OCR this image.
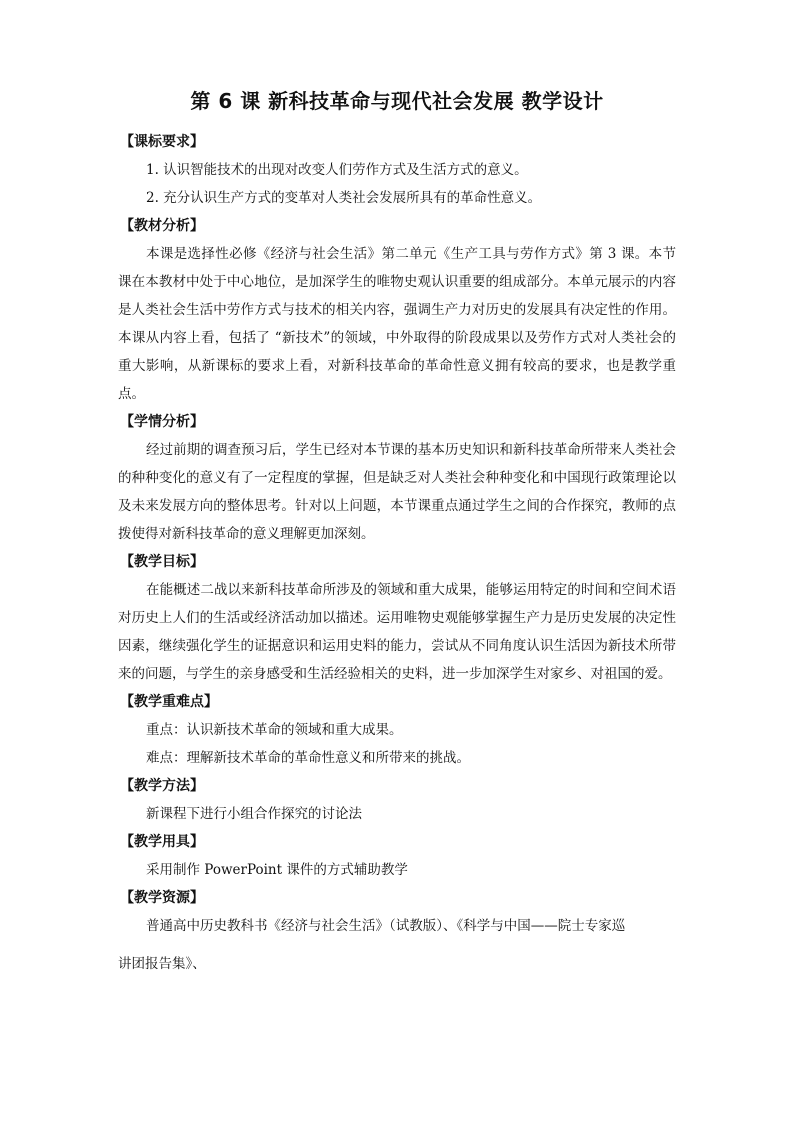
第 6 课 新科技革命与现代社会发展 教学设计

【课标要求】

1. 认识智能技术的出现对改变人们劳作方式及生活方式的意义。

2. 充分认识生产方式的变革对人类社会发展所具有的革命性意义。

【教材分析】

本课是选择性必修《经济与社会生活》第二单元《生产工具与劳作方式》第 3 课。本节课在本教材中处于中心地位，是加深学生的唯物史观认识重要的组成部分。本单元展示的内容是人类社会生活中劳作方式与技术的相关内容，强调生产力对历史的发展具有决定性的作用。本课从内容上看，包括了 “新技术”的领域，中外取得的阶段成果以及劳作方式对人类社会的重大影响，从新课标的要求上看，对新科技革命的革命性意义拥有较高的要求，也是教学重点。

【学情分析】

经过前期的调查预习后，学生已经对本节课的基本历史知识和新科技革命所带来人类社会的种种变化的意义有了一定程度的掌握，但是缺乏对人类社会种种变化和中国现行政策理论以及未来发展方向的整体思考。针对以上问题，本节课重点通过学生之间的合作探究，教师的点拨使得对新科技革命的意义理解更加深刻。

【教学目标】

在能概述二战以来新科技革命所涉及的领域和重大成果，能够运用特定的时间和空间术语对历史上人们的生活或经济活动加以描述。运用唯物史观能够掌握生产力是历史发展的决定性因素，继续强化学生的证据意识和运用史料的能力，尝试从不同角度认识生活因为新技术所带来的问题，与学生的亲身感受和生活经验相关的史料，进一步加深学生对家乡、对祖国的爱。

【教学重难点】

重点：认识新技术革命的领域和重大成果。

难点：理解新技术革命的革命性意义和所带来的挑战。

【教学方法】

新课程下进行小组合作探究的讨论法

【教学用具】

采用制作 PowerPoint 课件的方式辅助教学

【教学资源】

普通高中历史教科书《经济与社会生活》（试教版）、《科学与中国——院士专家巡

讲团报告集》、
